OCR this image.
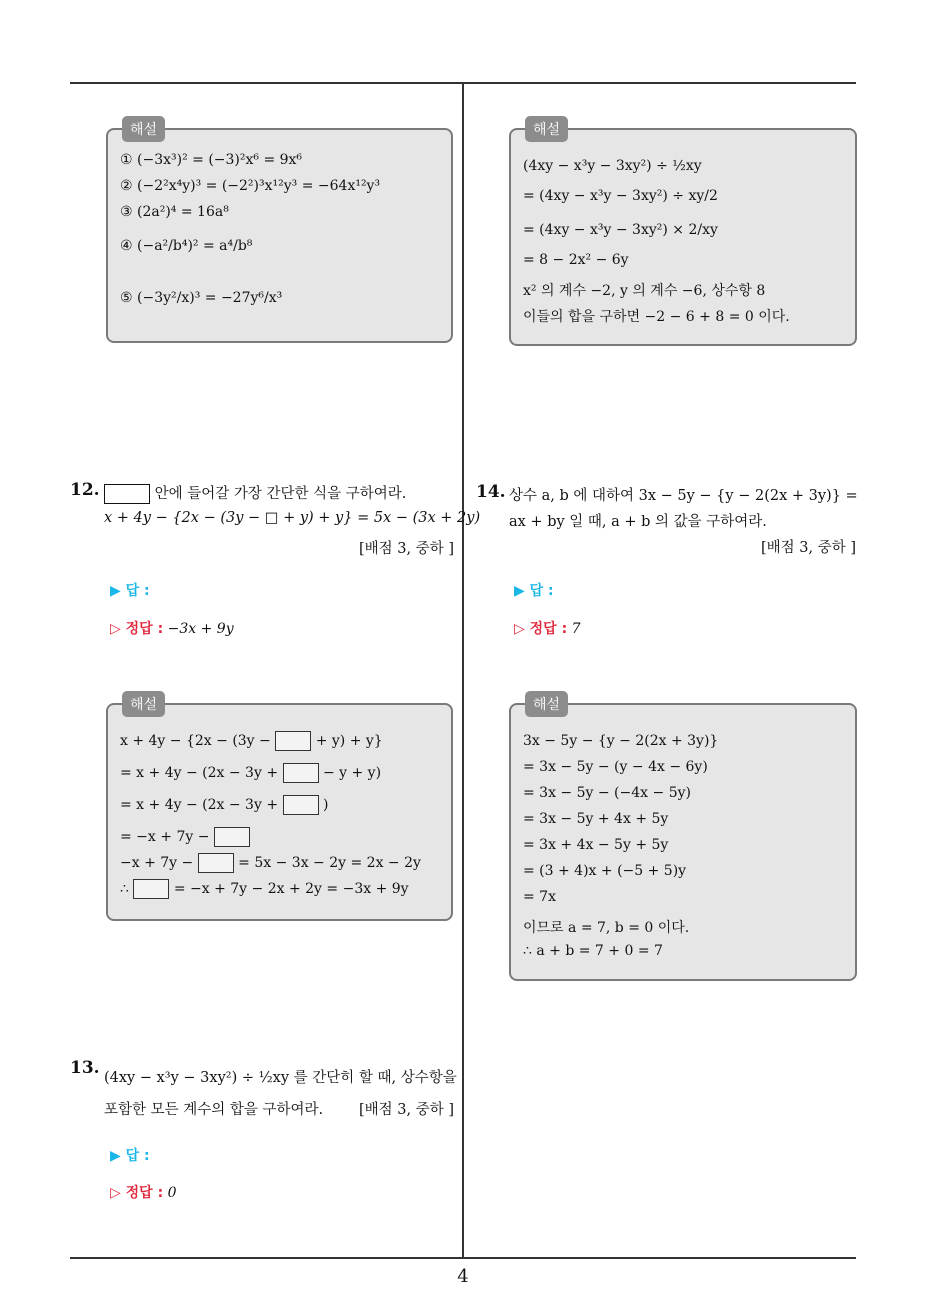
해설
① (−3x³)² = (−3)²x⁶ = 9x⁶
② (−2²x⁴y)³ = (−2²)³x¹²y³ = −64x¹²y³
③ (2a²)⁴ = 16a⁸
④ (−a²/b⁴)² = a⁴/b⁸
⑤ (−3y²/x)³ = −27y⁶/x³
해설
(4xy − x³y − 3xy²) ÷ ½xy
= (4xy − x³y − 3xy²) ÷ xy/2
= (4xy − x³y − 3xy²) × 2/xy
= 8 − 2x² − 6y
x² 의 계수 −2, y 의 계수 −6, 상수항 8
이들의 합을 구하면 −2 − 6 + 8 = 0 이다.
12.	안에 들어갈 가장 간단한 식을 구하여라.
x + 4y − {2x − (3y − □ + y) + y} = 5x − (3x + 2y)
[배점 3, 중하 ]
▶ 답 :
▷ 정답 : −3x + 9y
14. 상수 a, b 에 대하여 3x − 5y − {y − 2(2x + 3y)} =
ax + by 일 때, a + b 의 값을 구하여라.
[배점 3, 중하 ]
▶ 답 :
▷ 정답 : 7
해설
x + 4y − {2x − (3y −	+ y) + y}
= x + 4y − (2x − 3y +	− y + y)
= x + 4y − (2x − 3y +	)
= −x + 7y −
−x + 7y −	= 5x − 3x − 2y = 2x − 2y
∴	= −x + 7y − 2x + 2y = −3x + 9y
해설
3x − 5y − {y − 2(2x + 3y)}
= 3x − 5y − (y − 4x − 6y)
= 3x − 5y − (−4x − 5y)
= 3x − 5y + 4x + 5y
= 3x + 4x − 5y + 5y
= (3 + 4)x + (−5 + 5)y
= 7x
이므로 a = 7, b = 0 이다.
∴ a + b = 7 + 0 = 7
13. (4xy − x³y − 3xy²) ÷ ½xy 를 간단히 할 때, 상수항을
포함한 모든 계수의 합을 구하여라. [배점 3, 중하 ]
▶ 답 :
▷ 정답 : 0
4
